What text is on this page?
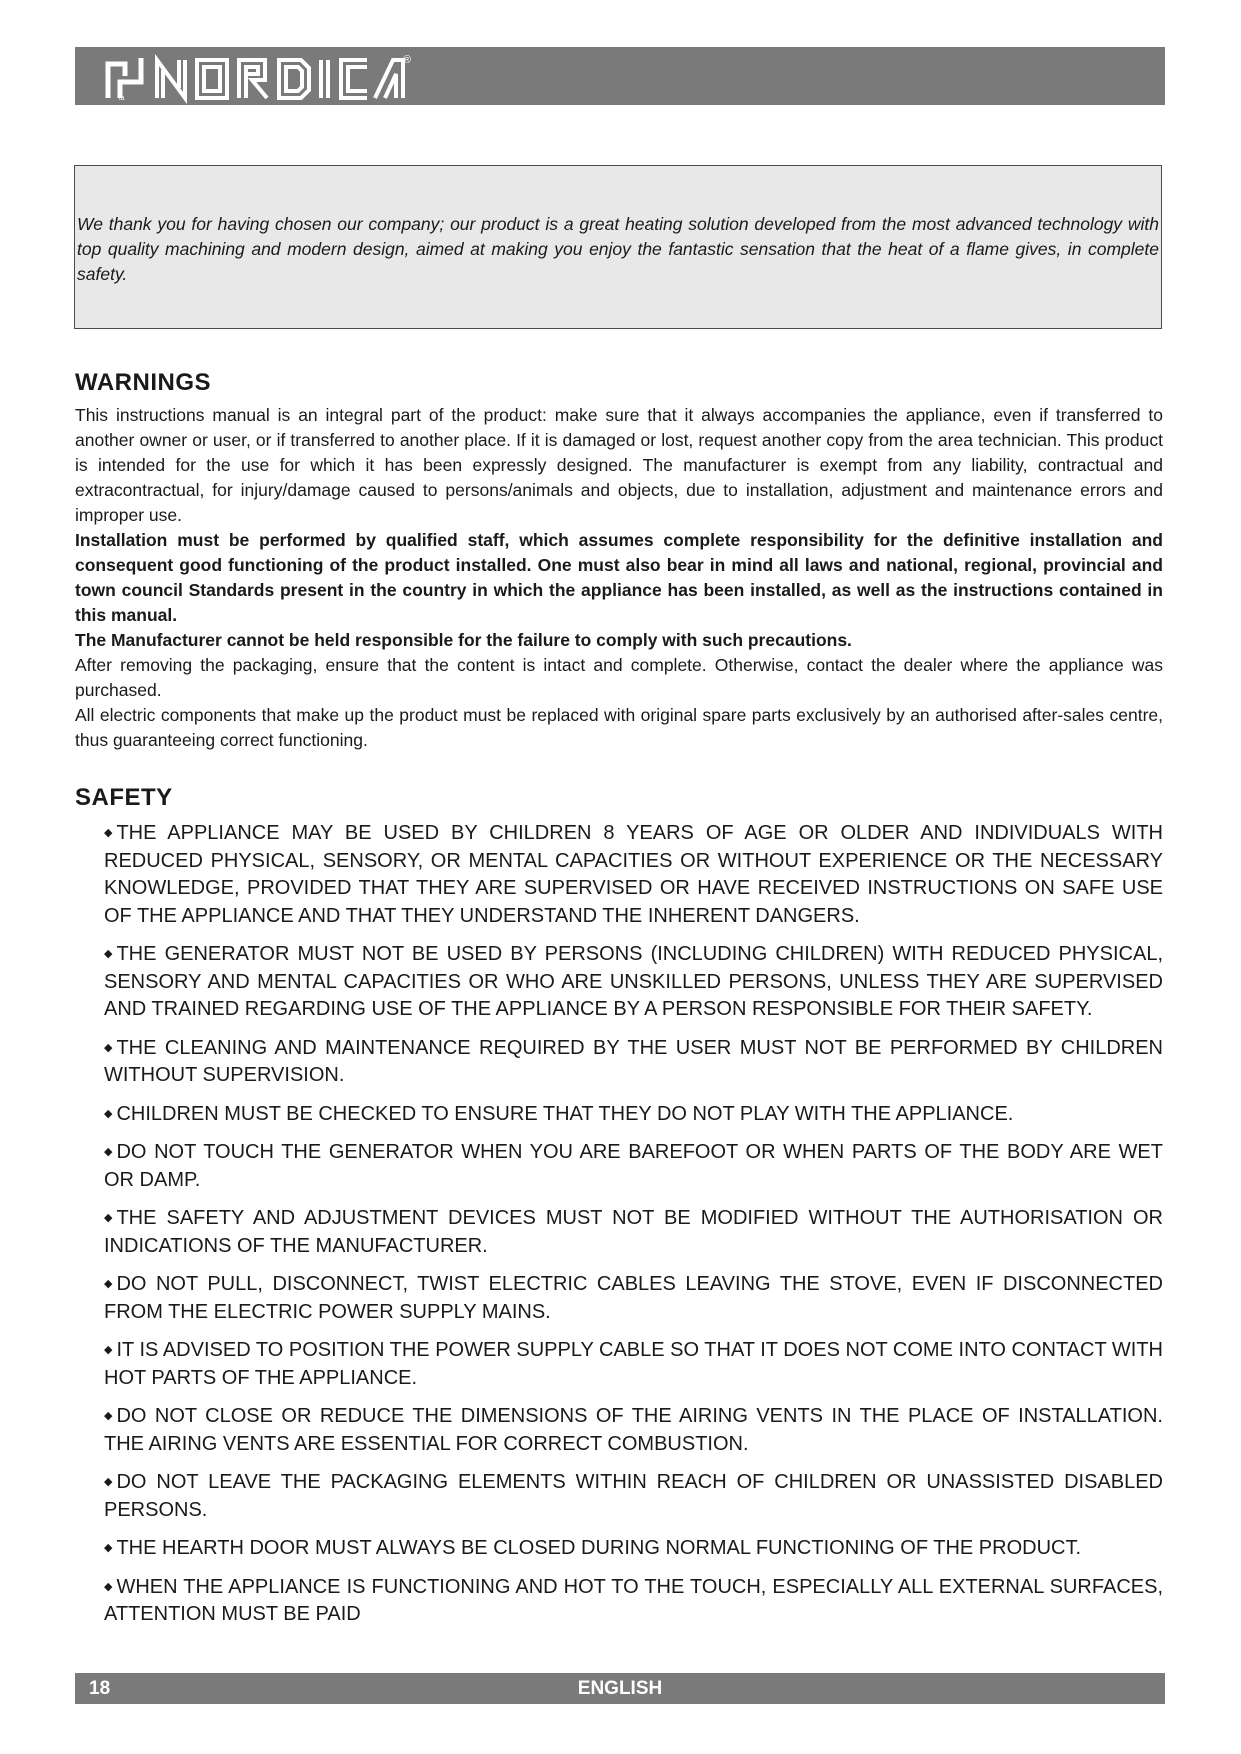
la
®
We thank you for having chosen our company; our product is a great heating solution developed from the most advanced technology with top quality machining and modern design, aimed at making you enjoy the fantastic sensation that the heat of a flame gives, in complete safety.
WARNINGS

This instructions manual is an integral part of the product: make sure that it always accompanies the appliance, even if transferred to another owner or user, or if transferred to another place. If it is damaged or lost, request another copy from the area technician. This product is intended for the use for which it has been expressly designed. The manufacturer is exempt from any liability, contractual and extracontractual, for injury/damage caused to persons/animals and objects, due to installation, adjustment and maintenance errors and improper use.

Installation must be performed by qualified staff, which assumes complete responsibility for the definitive installation and consequent good functioning of the product installed. One must also bear in mind all laws and national, regional, provincial and town council Standards present in the country in which the appliance has been installed, as well as the instructions contained in this manual.

The Manufacturer cannot be held responsible for the failure to comply with such precautions.

After removing the packaging, ensure that the content is intact and complete. Otherwise, contact the dealer where the appliance was purchased.

All electric components that make up the product must be replaced with original spare parts exclusively by an authorised after-sales centre, thus guaranteeing correct functioning.

SAFETY
◆ THE APPLIANCE MAY BE USED BY CHILDREN 8 YEARS OF AGE OR OLDER AND INDIVIDUALS WITH REDUCED PHYSICAL, SENSORY, OR MENTAL CAPACITIES OR WITHOUT EXPERIENCE OR THE NECESSARY KNOWLEDGE, PROVIDED THAT THEY ARE SUPERVISED OR HAVE RECEIVED INSTRUCTIONS ON SAFE USE OF THE APPLIANCE AND THAT THEY UNDERSTAND THE INHERENT DANGERS.
◆ THE GENERATOR MUST NOT BE USED BY PERSONS (INCLUDING CHILDREN) WITH REDUCED PHYSICAL, SENSORY AND MENTAL CAPACITIES OR WHO ARE UNSKILLED PERSONS, UNLESS THEY ARE SUPERVISED AND TRAINED REGARDING USE OF THE APPLIANCE BY A PERSON RESPONSIBLE FOR THEIR SAFETY.
◆ THE CLEANING AND MAINTENANCE REQUIRED BY THE USER MUST NOT BE PERFORMED BY CHILDREN WITHOUT SUPERVISION.
◆ CHILDREN MUST BE CHECKED TO ENSURE THAT THEY DO NOT PLAY WITH THE APPLIANCE.
◆ DO NOT TOUCH THE GENERATOR WHEN YOU ARE BAREFOOT OR WHEN PARTS OF THE BODY ARE WET OR DAMP.
◆ THE SAFETY AND ADJUSTMENT DEVICES MUST NOT BE MODIFIED WITHOUT THE AUTHORISATION OR INDICATIONS OF THE MANUFACTURER.
◆ DO NOT PULL, DISCONNECT, TWIST ELECTRIC CABLES LEAVING THE STOVE, EVEN IF DISCONNECTED FROM THE ELECTRIC POWER SUPPLY MAINS.
◆ IT IS ADVISED TO POSITION THE POWER SUPPLY CABLE SO THAT IT DOES NOT COME INTO CONTACT WITH HOT PARTS OF THE APPLIANCE.
◆ DO NOT CLOSE OR REDUCE THE DIMENSIONS OF THE AIRING VENTS IN THE PLACE OF INSTALLATION. THE AIRING VENTS ARE ESSENTIAL FOR CORRECT COMBUSTION.
◆ DO NOT LEAVE THE PACKAGING ELEMENTS WITHIN REACH OF CHILDREN OR UNASSISTED DISABLED PERSONS.
◆ THE HEARTH DOOR MUST ALWAYS BE CLOSED DURING NORMAL FUNCTIONING OF THE PRODUCT.
◆ WHEN THE APPLIANCE IS FUNCTIONING AND HOT TO THE TOUCH, ESPECIALLY ALL EXTERNAL SURFACES, ATTENTION MUST BE PAID
18	ENGLISH
